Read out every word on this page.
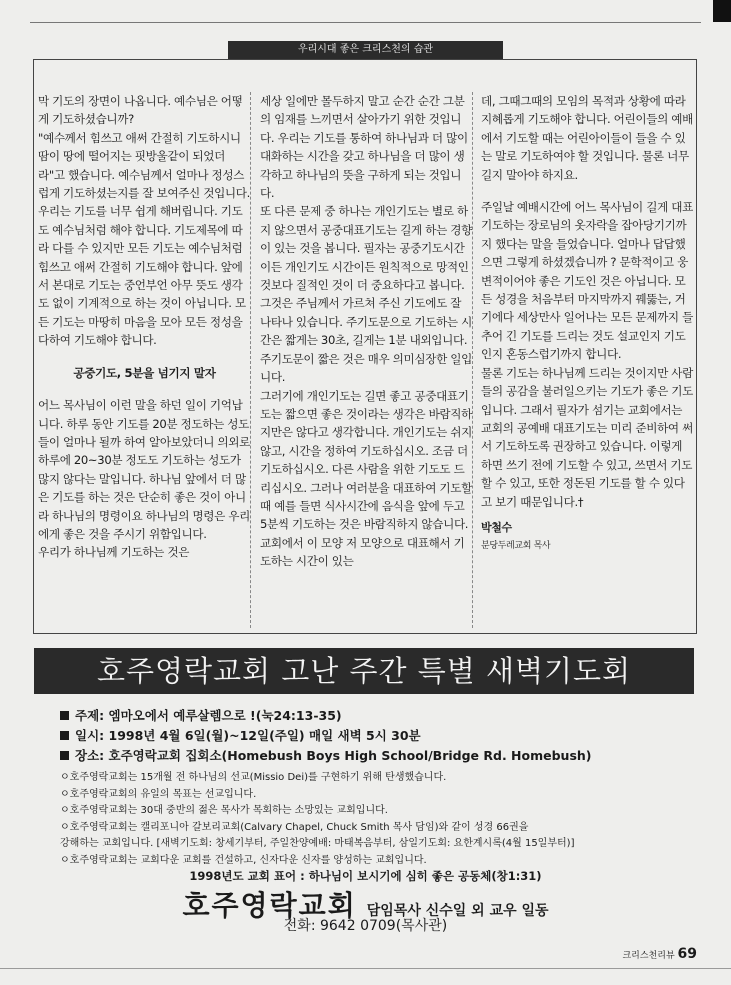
우리시대 좋은 크리스천의 습관

막 기도의 장면이 나옵니다. 예수님은 어떻게 기도하셨습니까?
"예수께서 힘쓰고 애써 간절히 기도하시니 땀이 땅에 떨어지는 핏방울같이 되었더라"고 했습니다. 예수님께서 얼마나 정성스럽게 기도하셨는지를 잘 보여주신 것입니다.

우리는 기도를 너무 쉽게 해버립니다. 기도도 예수님처럼 해야 합니다. 기도제목에 따라 다를 수 있지만 모든 기도는 예수님처럼 힘쓰고 애써 간절히 기도해야 합니다. 앞에서 본대로 기도는 중언부언 아무 뜻도 생각도 없이 기계적으로 하는 것이 아닙니다. 모든 기도는 마땅히 마음을 모아 모든 정성을 다하여 기도해야 합니다.

공중기도, 5분을 넘기지 말자

어느 목사님이 이런 말을 하던 일이 기억납니다. 하루 동안 기도를 20분 정도하는 성도들이 얼마나 될까 하여 알아보았더니 의외로 하루에 20~30분 정도도 기도하는 성도가 많지 않다는 말입니다. 하나님 앞에서 더 많은 기도를 하는 것은 단순히 좋은 것이 아니라 하나님의 명령이요 하나님의 명령은 우리에게 좋은 것을 주시기 위함입니다.

우리가 하나님께 기도하는 것은

세상 일에만 몰두하지 말고 순간 순간 그분의 임재를 느끼면서 살아가기 위한 것입니다. 우리는 기도를 통하여 하나님과 더 많이 대화하는 시간을 갖고 하나님을 더 많이 생각하고 하나님의 뜻을 구하게 되는 것입니다.

또 다른 문제 중 하나는 개인기도는 별로 하지 않으면서 공중대표기도는 길게 하는 경향이 있는 것을 봅니다. 필자는 공중기도시간이든 개인기도 시간이든 원칙적으로 망적인 것보다 질적인 것이 더 중요하다고 봅니다. 그것은 주님께서 가르쳐 주신 기도에도 잘 나타나 있습니다. 주기도문으로 기도하는 시간은 짧게는 30초, 길게는 1분 내외입니다. 주기도문이 짧은 것은 매우 의미심장한 일입니다.

그러기에 개인기도는 길면 좋고 공중대표기도는 짧으면 좋은 것이라는 생각은 바람직하지만은 않다고 생각합니다. 개인기도는 쉬지 않고, 시간을 정하여 기도하십시오. 조금 더 기도하십시오. 다른 사람을 위한 기도도 드리십시오. 그러나 여러분을 대표하여 기도할 때 예를 들면 식사시간에 음식을 앞에 두고 5분씩 기도하는 것은 바람직하지 않습니다.

교회에서 이 모양 저 모양으로 대표해서 기도하는 시간이 있는

데, 그때그때의 모임의 목적과 상황에 따라 지혜롭게 기도해야 합니다. 어린이들의 예배에서 기도할 때는 어린아이들이 들을 수 있는 말로 기도하여야 할 것입니다. 물론 너무 길지 말아야 하지요.

주일날 예배시간에 어느 목사님이 길게 대표기도하는 장로님의 옷자락을 잡아당기기까지 했다는 말을 들었습니다. 얼마나 답답했으면 그렇게 하셨겠습니까 ? 문학적이고 웅변적이어야 좋은 기도인 것은 아닙니다. 모든 성경을 처음부터 마지막까지 꿰뚫는, 거기에다 세상만사 일어나는 모든 문제까지 들추어 긴 기도를 드리는 것도 설교인지 기도인지 혼동스럽기까지 합니다.

물론 기도는 하나님께 드리는 것이지만 사람들의 공감을 불러일으키는 기도가 좋은 기도입니다. 그래서 필자가 섬기는 교회에서는 교회의 공예배 대표기도는 미리 준비하여 써서 기도하도록 권장하고 있습니다. 이렇게 하면 쓰기 전에 기도할 수 있고, 쓰면서 기도할 수 있고, 또한 정돈된 기도를 할 수 있다고 보기 때문입니다.†

박철수
분당두레교회 목사
호주영락교회 고난 주간 특별 새벽기도회
주제: 엠마오에서 예루살렘으로 !(눅24:13-35)
일시: 1998년 4월 6일(월)~12일(주일) 매일 새벽 5시 30분
장소: 호주영락교회 집회소(Homebush Boys High School/Bridge Rd. Homebush)
ㅇ호주영락교회는 15개월 전 하나님의 선교(Missio Dei)를 구현하기 위해 탄생했습니다.
ㅇ호주영락교회의 유일의 목표는 선교입니다.
ㅇ호주영락교회는 30대 중반의 젊은 목사가 목회하는 소망있는 교회입니다.
ㅇ호주영락교회는 캘리포니아 갈보리교회(Calvary Chapel, Chuck Smith 목사 담임)와 같이 성경 66권을
강해하는 교회입니다. [새벽기도회: 창세기부터, 주일찬양예배: 마태복음부터, 삼일기도회: 요한계시록(4월 15일부터)]
ㅇ호주영락교회는 교회다운 교회를 건설하고, 신자다운 신자를 양성하는 교회입니다.
1998년도 교회 표어 : 하나님이 보시기에 심히 좋은 공동체(창1:31)
호주영락교회 담임목사 신수일 외 교우 일동
전화: 9642 0709(목사관)
크리스천리뷰 69
